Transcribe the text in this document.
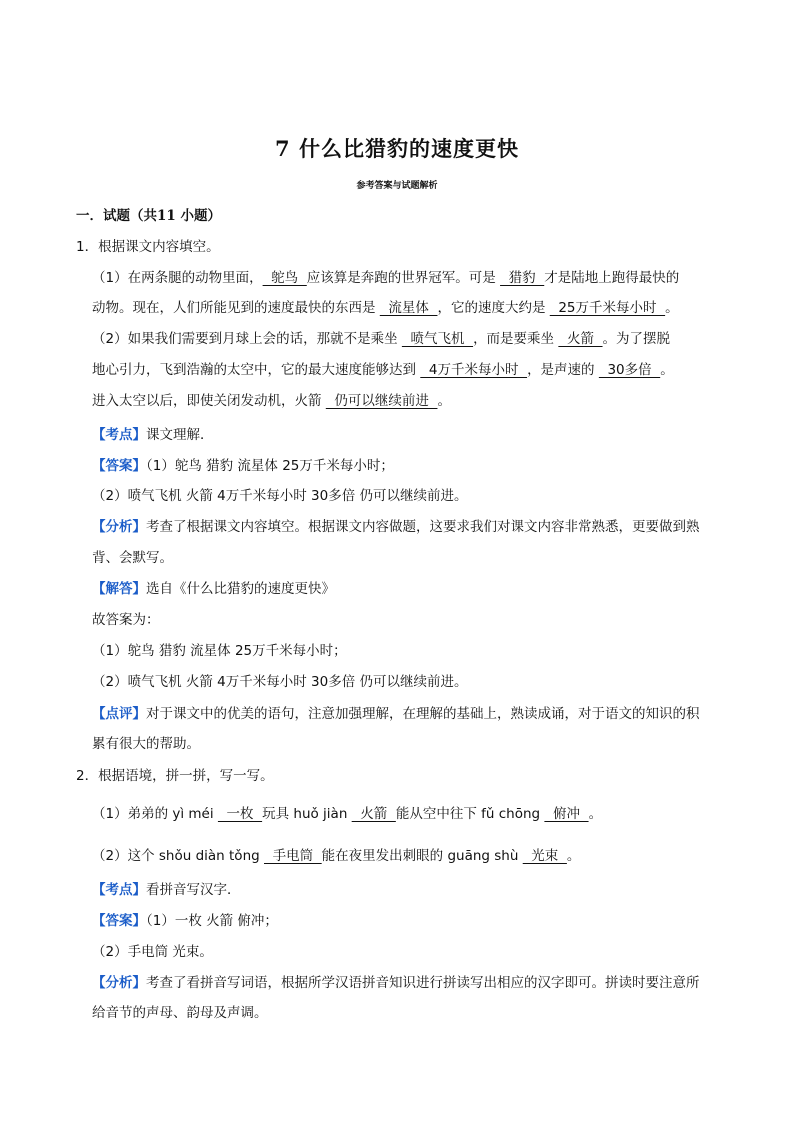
7 什么比猎豹的速度更快
参考答案与试题解析
一．试题（共11 小题）
1．根据课文内容填空。
（1）在两条腿的动物里面，  鸵鸟  应该算是奔跑的世界冠军。可是   猎豹  才是陆地上跑得最快的
动物。现在，人们所能见到的速度最快的东西是   流星体  ，它的速度大约是   25万千米每小时  。
（2）如果我们需要到月球上会的话，那就不是乘坐   喷气飞机  ，而是要乘坐   火箭  。为了摆脱
地心引力，飞到浩瀚的太空中，它的最大速度能够达到   4万千米每小时  ，是声速的   30多倍  。
进入太空以后，即使关闭发动机，火箭   仍可以继续前进  。
【考点】课文理解．
【答案】（1）鸵鸟 猎豹 流星体 25万千米每小时；
（2）喷气飞机 火箭 4万千米每小时 30多倍 仍可以继续前进。
【分析】考查了根据课文内容填空。根据课文内容做题，这要求我们对课文内容非常熟悉，更要做到熟
背、会默写。
【解答】选自《什么比猎豹的速度更快》
故答案为：
（1）鸵鸟 猎豹 流星体 25万千米每小时；
（2）喷气飞机 火箭 4万千米每小时 30多倍 仍可以继续前进。
【点评】对于课文中的优美的语句，注意加强理解，在理解的基础上，熟读成诵，对于语文的知识的积
累有很大的帮助。
2．根据语境，拼一拼，写一写。
（1）弟弟的 yì méi   一枚  玩具 huǒ jiàn   火箭  能从空中往下 fǔ chōng   俯冲  。
（2）这个 shǒu diàn tǒng   手电筒  能在夜里发出刺眼的 guāng shù   光束  。
【考点】看拼音写汉字．
【答案】（1）一枚 火箭 俯冲；
（2）手电筒 光束。
【分析】考查了看拼音写词语，根据所学汉语拼音知识进行拼读写出相应的汉字即可。拼读时要注意所
给音节的声母、韵母及声调。
